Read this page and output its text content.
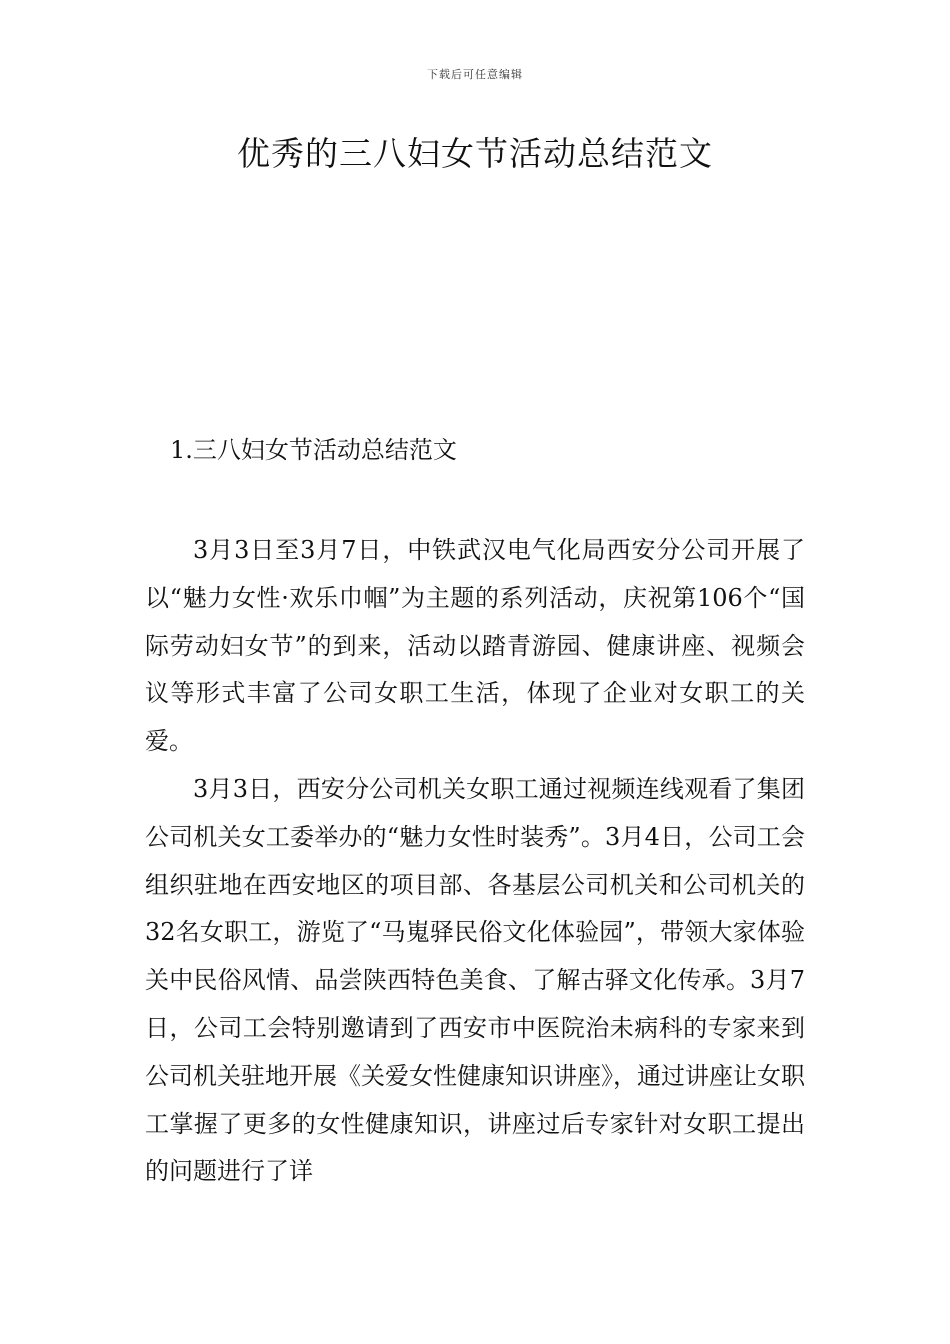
下载后可任意编辑
优秀的三八妇女节活动总结范文
1.三八妇女节活动总结范文

3月3日至3月7日，中铁武汉电气化局西安分公司开展了以“魅力女性·欢乐巾帼”为主题的系列活动，庆祝第106个“国际劳动妇女节”的到来，活动以踏青游园、健康讲座、视频会议等形式丰富了公司女职工生活，体现了企业对女职工的关爱。

3月3日，西安分公司机关女职工通过视频连线观看了集团公司机关女工委举办的“魅力女性时装秀”。3月4日，公司工会组织驻地在西安地区的项目部、各基层公司机关和公司机关的32名女职工，游览了“马嵬驿民俗文化体验园”，带领大家体验关中民俗风情、品尝陕西特色美食、了解古驿文化传承。3月7日，公司工会特别邀请到了西安市中医院治未病科的专家来到公司机关驻地开展《关爱女性健康知识讲座》，通过讲座让女职工掌握了更多的女性健康知识，讲座过后专家针对女职工提出的问题进行了详
